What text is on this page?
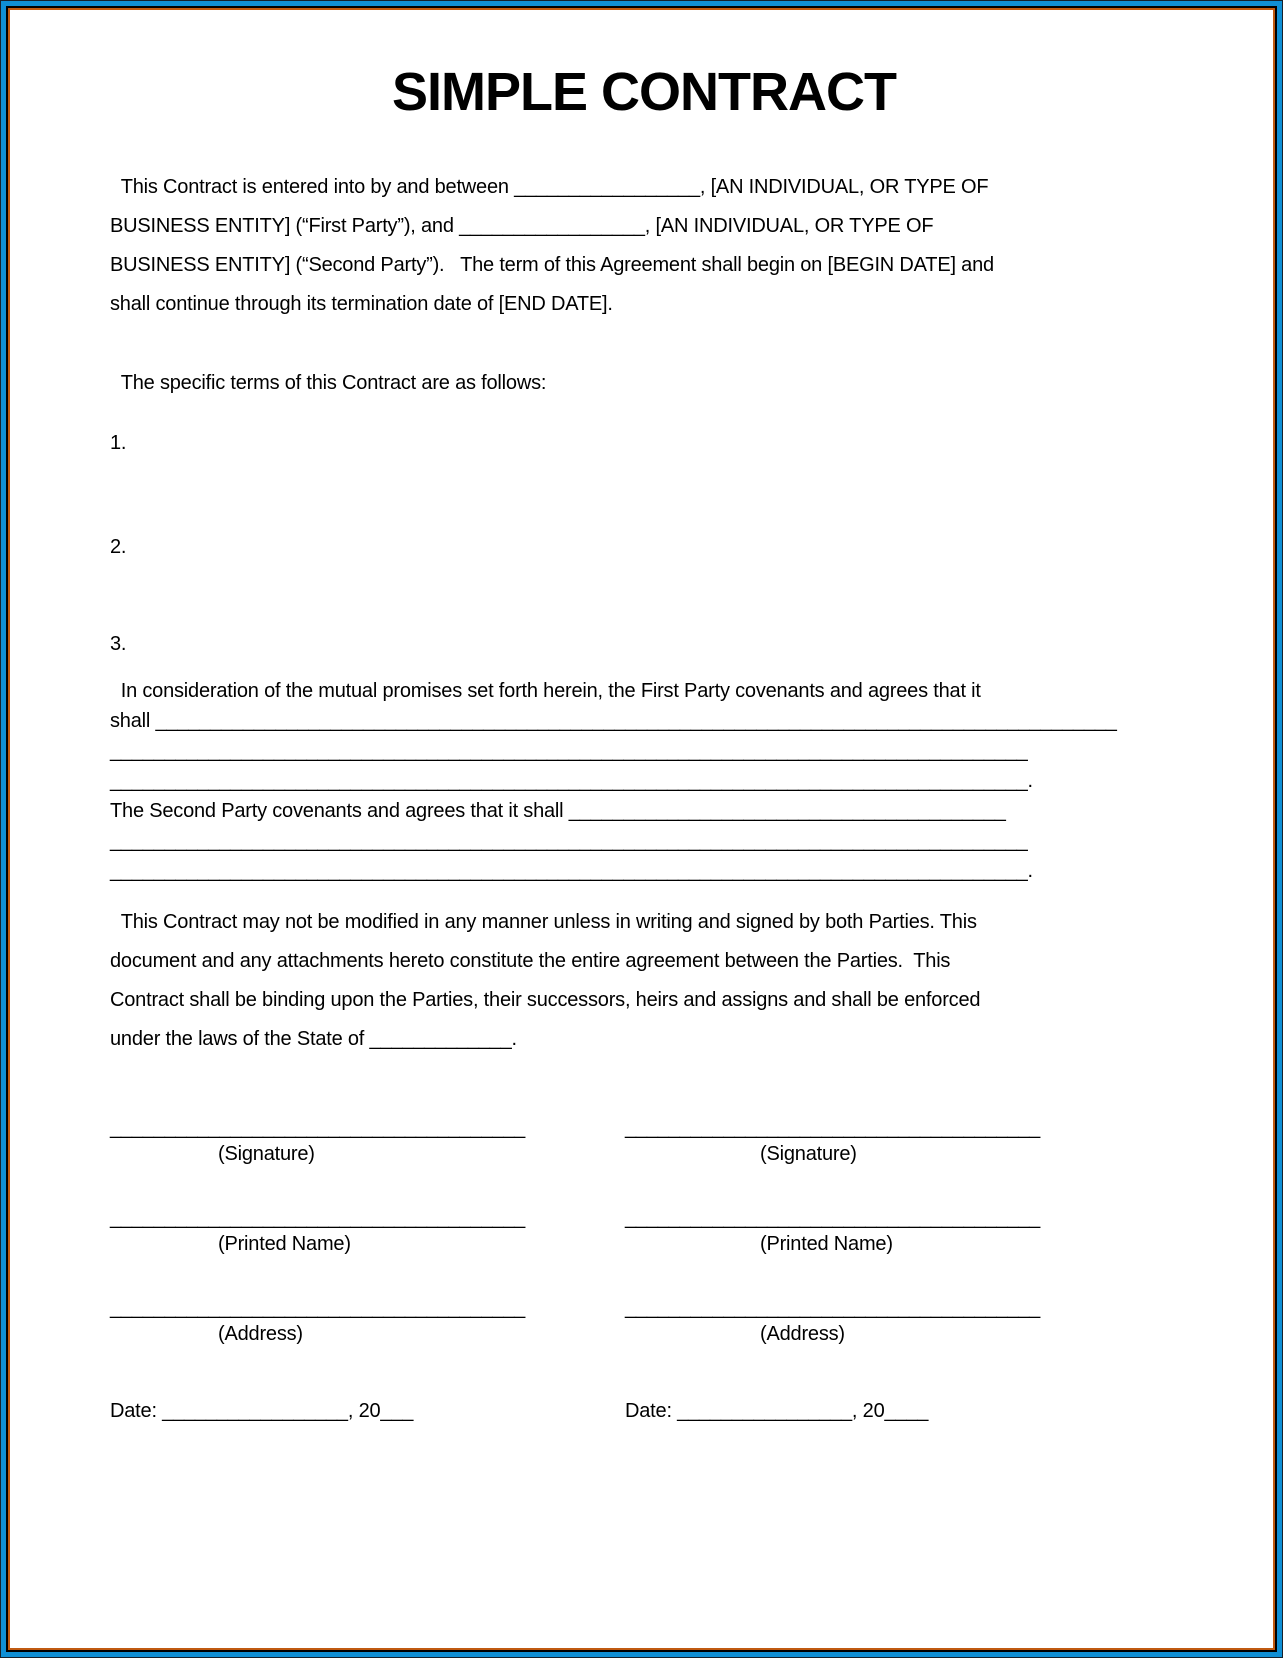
SIMPLE CONTRACT
This Contract is entered into by and between _________________, [AN INDIVIDUAL, OR TYPE OF
BUSINESS ENTITY] (“First Party”), and _________________, [AN INDIVIDUAL, OR TYPE OF
BUSINESS ENTITY] (“Second Party”).   The term of this Agreement shall begin on [BEGIN DATE] and
shall continue through its termination date of [END DATE].
The specific terms of this Contract are as follows:
1.
2.
3.
In consideration of the mutual promises set forth herein, the First Party covenants and agrees that it
shall ________________________________________________________________________________________
____________________________________________________________________________________
____________________________________________________________________________________.
The Second Party covenants and agrees that it shall ________________________________________
____________________________________________________________________________________
____________________________________________________________________________________.
This Contract may not be modified in any manner unless in writing and signed by both Parties. This
document and any attachments hereto constitute the entire agreement between the Parties.  This
Contract shall be binding upon the Parties, their successors, heirs and assigns and shall be enforced
under the laws of the State of _____________.
______________________________________
(Signature)
______________________________________
(Printed Name)
______________________________________
(Address)
Date: _________________, 20___
______________________________________
(Signature)
______________________________________
(Printed Name)
______________________________________
(Address)
Date: ________________, 20____
